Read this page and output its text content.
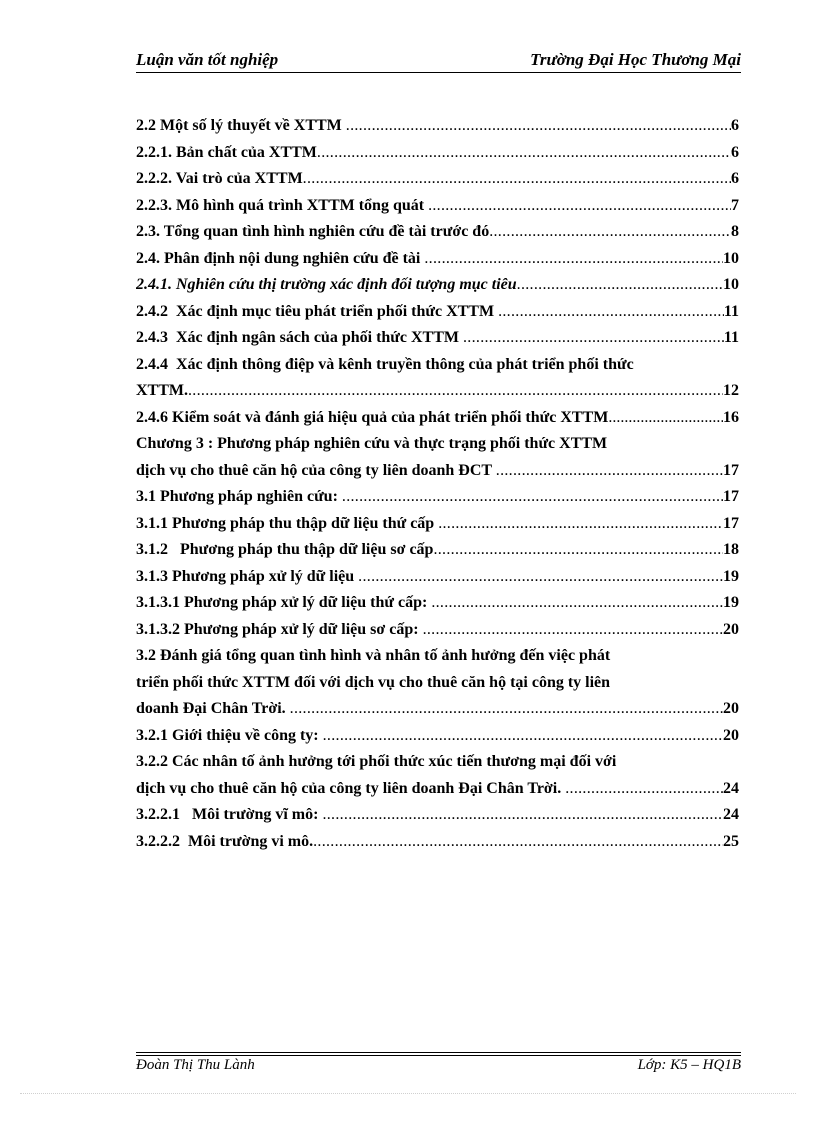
Luận văn tốt nghiệp	Trường Đại Học Thương Mại
2.2 Một số lý thuyết về XTTM .....	6
2.2.1. Bản chất của XTTM .....	6
2.2.2. Vai trò của XTTM .....	6
2.2.3. Mô hình quá trình XTTM tổng quát .....	7
2.3. Tổng quan tình hình nghiên cứu đề tài trước đó .....	8
2.4. Phân định nội dung nghiên cứu đề tài .....	10
2.4.1. Nghiên cứu thị trường xác định đối tượng mục tiêu .....	10
2.4.2  Xác định mục tiêu phát triển phối thức XTTM .....	11
2.4.3  Xác định ngân sách của phối thức XTTM .....	11
2.4.4  Xác định thông điệp và kênh truyền thông của phát triển phối thức
XTTM. .....	12
2.4.6 Kiểm soát và đánh giá hiệu quả của phát triển phối thức XTTM .....	16
Chương 3 : Phương pháp nghiên cứu và thực trạng phối thức XTTM
dịch vụ cho thuê căn hộ của công ty liên doanh ĐCT .....	17
3.1 Phương pháp nghiên cứu: .....	17
3.1.1 Phương pháp thu thập dữ liệu thứ cấp .....	17
3.1.2   Phương pháp thu thập dữ liệu sơ cấp .....	18
3.1.3 Phương pháp xử lý dữ liệu .....	19
3.1.3.1 Phương pháp xử lý dữ liệu thứ cấp: .....	19
3.1.3.2 Phương pháp xử lý dữ liệu sơ cấp: .....	20
3.2 Đánh giá tổng quan tình hình và nhân tố ảnh hưởng đến việc phát
triển phối thức XTTM đối với dịch vụ cho thuê căn hộ tại công ty liên
doanh Đại Chân Trời. .....	20
3.2.1 Giới thiệu về công ty: .....	20
3.2.2 Các nhân tố ảnh hưởng tới phối thức xúc tiến thương mại đối với
dịch vụ cho thuê căn hộ của công ty liên doanh Đại Chân Trời. .....	24
3.2.2.1   Môi trường vĩ mô: .....	24
3.2.2.2  Môi trường vi mô. .....	25
Đoàn Thị Thu Lành	Lớp: K5 – HQ1B
